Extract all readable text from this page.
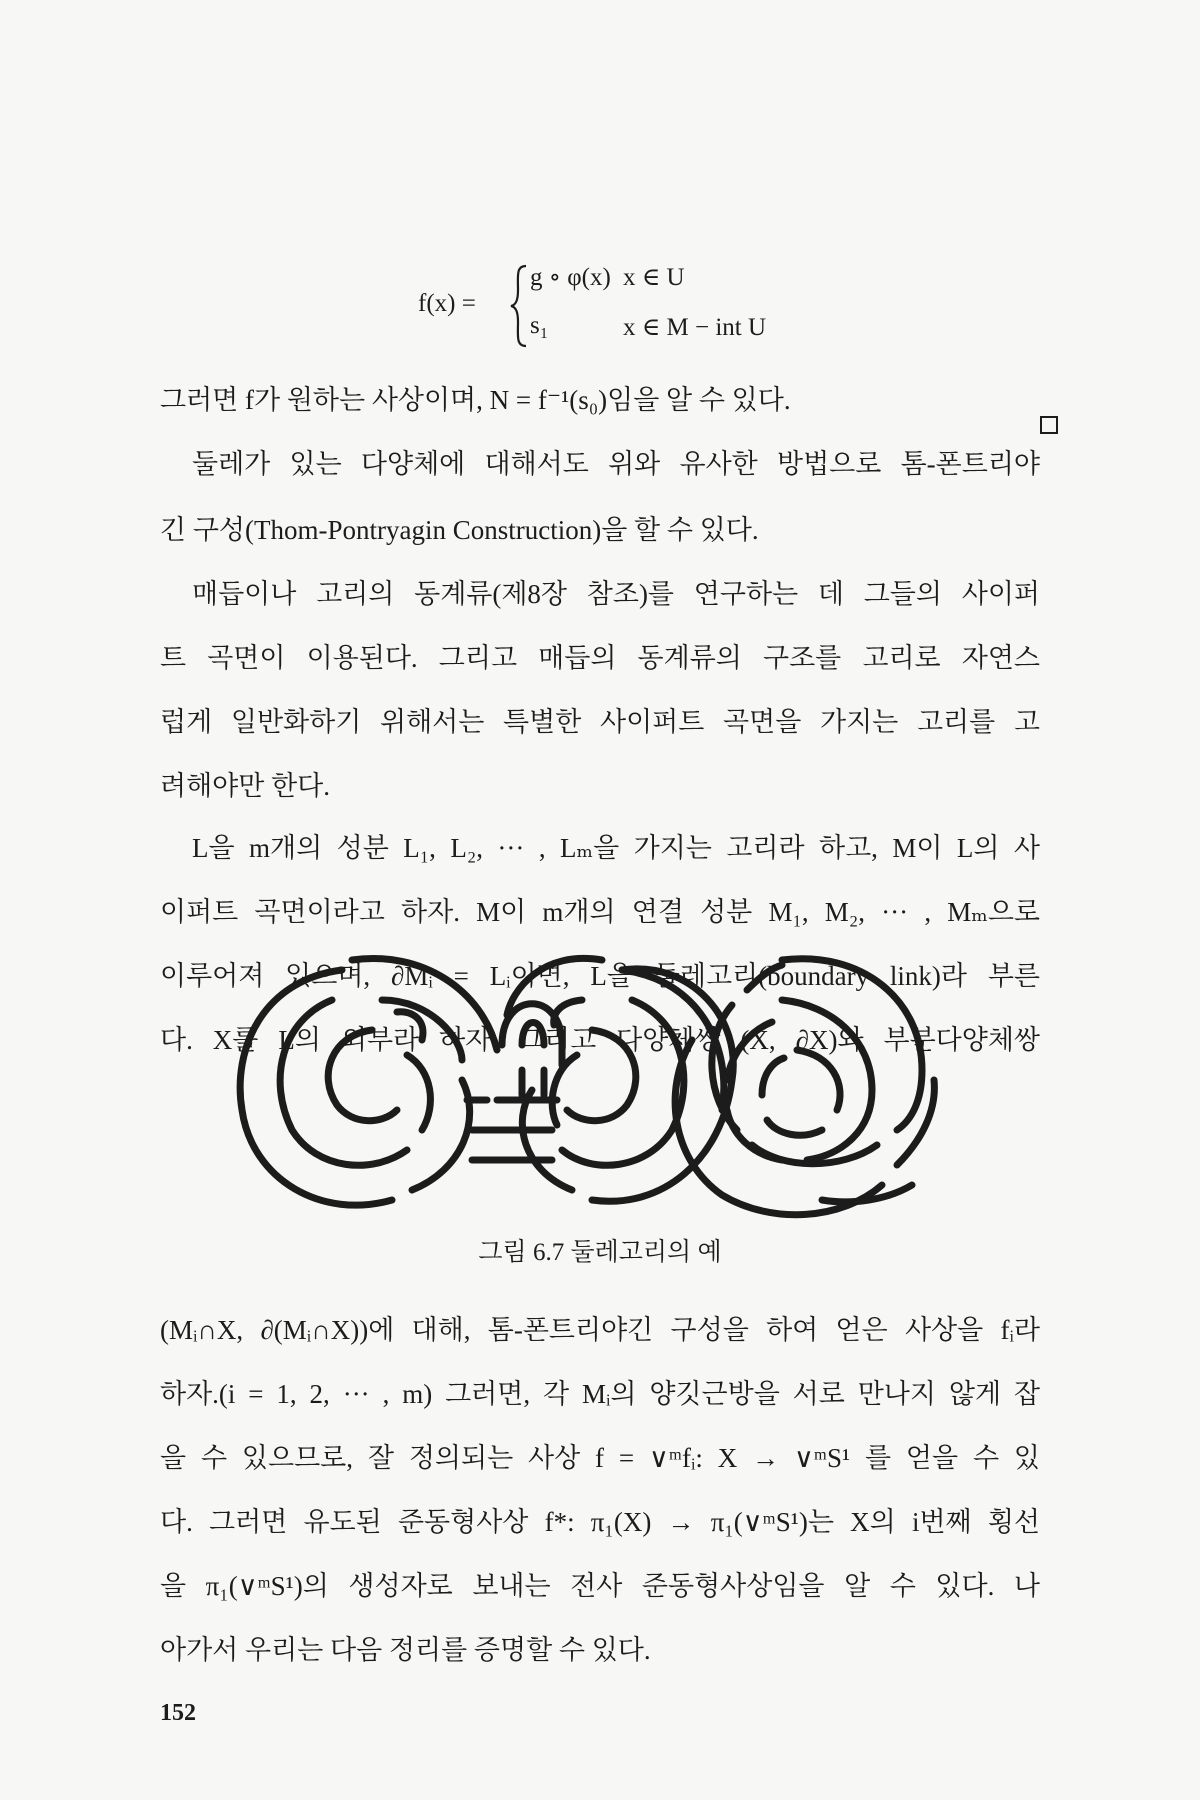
f(x) =
g ∘ φ(x) x ∈ U
s₁	x ∈ M − int U
그러면 f가 원하는 사상이며, N = f⁻¹(s₀)임을 알 수 있다.
둘레가 있는 다양체에 대해서도 위와 유사한 방법으로 톰-폰트리야
긴 구성(Thom-Pontryagin Construction)을 할 수 있다.
매듭이나 고리의 동계류(제8장 참조)를 연구하는 데 그들의 사이퍼
트 곡면이 이용된다. 그리고 매듭의 동계류의 구조를 고리로 자연스
럽게 일반화하기 위해서는 특별한 사이퍼트 곡면을 가지는 고리를 고
려해야만 한다.
L을 m개의 성분 L₁, L₂, ··· , Lₘ을 가지는 고리라 하고, M이 L의 사
이퍼트 곡면이라고 하자. M이 m개의 연결 성분 M₁, M₂, ··· , Mₘ으로
이루어져 있으며, ∂Mᵢ = Lᵢ이면, L을 둘레고리(boundary link)라 부른
다. X를 L의 외부라 하자. 그리고 다양체쌍 (X, ∂X)와 부분다양체쌍
그림 6.7 둘레고리의 예
(Mᵢ∩X, ∂(Mᵢ∩X))에 대해, 톰-폰트리야긴 구성을 하여 얻은 사상을 fᵢ라
하자.(i = 1, 2, ··· , m) 그러면, 각 Mᵢ의 양깃근방을 서로 만나지 않게 잡
을 수 있으므로, 잘 정의되는 사상 f = ∨ᵐfᵢ: X → ∨ᵐS¹ 를 얻을 수 있
다. 그러면 유도된 준동형사상 f*: π₁(X) → π₁(∨ᵐS¹)는 X의 i번째 횡선
을 π₁(∨ᵐS¹)의 생성자로 보내는 전사 준동형사상임을 알 수 있다. 나
아가서 우리는 다음 정리를 증명할 수 있다.
152
